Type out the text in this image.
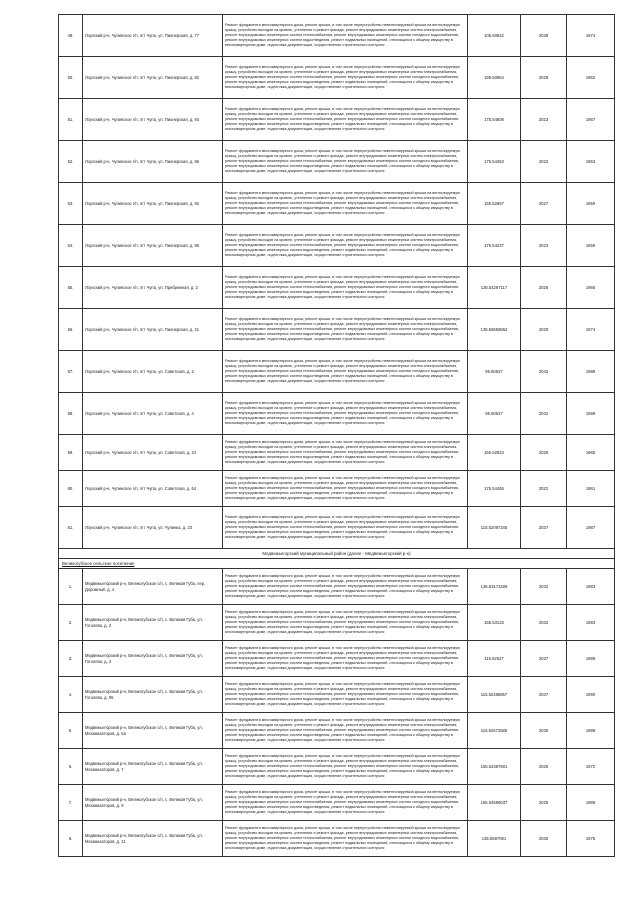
49.	Лоухский р-н, Чупинское г/п, пгт Чупа, ул. Пионерская, д. 77	Ремонт фундамента многоквартирного дома, ремонт крыши, в том числе переустройство невентилируемой крыши на вентилируемую крышу, устройство выходов на кровлю, утепление и ремонт фасада, ремонт внутридомовых инженерных систем электроснабжения, ремонт внутридомовых инженерных систем теплоснабжения, ремонт внутридомовых инженерных систем холодного водоснабжения, ремонт внутридомовых инженерных систем водоотведения, ремонт подвальных помещений, относящихся к общему имуществу в многоквартирном доме, подготовка документации, осуществление строительного контроля	105.60842	2038	1974
50.	Лоухский р-н, Чупинское г/п, пгт Чупа, ул. Пионерская, д. 82	Ремонт фундамента многоквартирного дома, ремонт крыши, в том числе переустройство невентилируемой крыши на вентилируемую крышу, устройство выходов на кровлю, утепление и ремонт фасада, ремонт внутридомовых инженерных систем электроснабжения, ремонт внутридомовых инженерных систем теплоснабжения, ремонт внутридомовых инженерных систем холодного водоснабжения, ремонт внутридомовых инженерных систем водоотведения, ремонт подвальных помещений, относящихся к общему имуществу в многоквартирном доме, подготовка документации, осуществление строительного контроля	195.50854	2028	1962
51.	Лоухский р-н, Чупинское г/п, пгт Чупа, ул. Пионерская, д. 84	Ремонт фундамента многоквартирного дома, ремонт крыши, в том числе переустройство невентилируемой крыши на вентилируемую крышу, устройство выходов на кровлю, утепление и ремонт фасада, ремонт внутридомовых инженерных систем электроснабжения, ремонт внутридомовых инженерных систем теплоснабжения, ремонт внутридомовых инженерных систем холодного водоснабжения, ремонт внутридомовых инженерных систем водоотведения, ремонт подвальных помещений, относящихся к общему имуществу в многоквартирном доме, подготовка документации, осуществление строительного контроля	175.54808	2023	1957
52.	Лоухский р-н, Чупинское г/п, пгт Чупа, ул. Пионерская, д. 86	Ремонт фундамента многоквартирного дома, ремонт крыши, в том числе переустройство невентилируемой крыши на вентилируемую крышу, устройство выходов на кровлю, утепление и ремонт фасада, ремонт внутридомовых инженерных систем электроснабжения, ремонт внутридомовых инженерных систем теплоснабжения, ремонт внутридомовых инженерных систем холодного водоснабжения, ремонт внутридомовых инженерных систем водоотведения, ремонт подвальных помещений, относящихся к общему имуществу в многоквартирном доме, подготовка документации, осуществление строительного контроля	175.54453	2022	1963
53.	Лоухский р-н, Чупинское г/п, пгт Чупа, ул. Пионерская, д. 92	Ремонт фундамента многоквартирного дома, ремонт крыши, в том числе переустройство невентилируемой крыши на вентилируемую крышу, устройство выходов на кровлю, утепление и ремонт фасада, ремонт внутридомовых инженерных систем электроснабжения, ремонт внутридомовых инженерных систем теплоснабжения, ремонт внутридомовых инженерных систем холодного водоснабжения, ремонт внутридомовых инженерных систем водоотведения, ремонт подвальных помещений, относящихся к общему имуществу в многоквартирном доме, подготовка документации, осуществление строительного контроля	155.52657	2027	1959
54.	Лоухский р-н, Чупинское г/п, пгт Чупа, ул. Пионерская, д. 96	Ремонт фундамента многоквартирного дома, ремонт крыши, в том числе переустройство невентилируемой крыши на вентилируемую крышу, устройство выходов на кровлю, утепление и ремонт фасада, ремонт внутридомовых инженерных систем электроснабжения, ремонт внутридомовых инженерных систем теплоснабжения, ремонт внутридомовых инженерных систем холодного водоснабжения, ремонт внутридомовых инженерных систем водоотведения, ремонт подвальных помещений, относящихся к общему имуществу в многоквартирном доме, подготовка документации, осуществление строительного контроля	175.54237	2023	1959
55.	Лоухский р-н, Чупинское г/п, пгт Чупа, ул. Прибрежная, д. 2	Ремонт фундамента многоквартирного дома, ремонт крыши, в том числе переустройство невентилируемой крыши на вентилируемую крышу, устройство выходов на кровлю, утепление и ремонт фасада, ремонт внутридомовых инженерных систем электроснабжения, ремонт внутридомовых инженерных систем теплоснабжения, ремонт внутридомовых инженерных систем холодного водоснабжения, ремонт внутридомовых инженерных систем водоотведения, ремонт подвальных помещений, относящихся к общему имуществу в многоквартирном доме, подготовка документации, осуществление строительного контроля	135.54267117	2028	1966
56.	Лоухский р-н, Чупинское г/п, пгт Чупа, ул. Пионерская, д. 21	Ремонт фундамента многоквартирного дома, ремонт крыши, в том числе переустройство невентилируемой крыши на вентилируемую крышу, устройство выходов на кровлю, утепление и ремонт фасада, ремонт внутридомовых инженерных систем электроснабжения, ремонт внутридомовых инженерных систем теплоснабжения, ремонт внутридомовых инженерных систем холодного водоснабжения, ремонт внутридомовых инженерных систем водоотведения, ремонт подвальных помещений, относящихся к общему имуществу в многоквартирном доме, подготовка документации, осуществление строительного контроля	135.55658652	2029	1974
57.	Лоухский р-н, Чупинское г/п, пгт Чупа, ул. Советская, д. 2	Ремонт фундамента многоквартирного дома, ремонт крыши, в том числе переустройство невентилируемой крыши на вентилируемую крышу, устройство выходов на кровлю, утепление и ремонт фасада, ремонт внутридомовых инженерных систем электроснабжения, ремонт внутридомовых инженерных систем теплоснабжения, ремонт внутридомовых инженерных систем холодного водоснабжения, ремонт внутридомовых инженерных систем водоотведения, ремонт подвальных помещений, относящихся к общему имуществу в многоквартирном доме, подготовка документации, осуществление строительного контроля	95.50527	2042	1989
58.	Лоухский р-н, Чупинское г/п, пгт Чупа, ул. Советская, д. 4	Ремонт фундамента многоквартирного дома, ремонт крыши, в том числе переустройство невентилируемой крыши на вентилируемую крышу, устройство выходов на кровлю, утепление и ремонт фасада, ремонт внутридомовых инженерных систем электроснабжения, ремонт внутридомовых инженерных систем теплоснабжения, ремонт внутридомовых инженерных систем холодного водоснабжения, ремонт внутридомовых инженерных систем водоотведения, ремонт подвальных помещений, относящихся к общему имуществу в многоквартирном доме, подготовка документации, осуществление строительного контроля	95.50527	2042	1989
59.	Лоухский р-н, Чупинское г/п, пгт Чупа, ул. Советская, д. 24	Ремонт фундамента многоквартирного дома, ремонт крыши, в том числе переустройство невентилируемой крыши на вентилируемую крышу, устройство выходов на кровлю, утепление и ремонт фасада, ремонт внутридомовых инженерных систем электроснабжения, ремонт внутридомовых инженерных систем теплоснабжения, ремонт внутридомовых инженерных систем холодного водоснабжения, ремонт внутридомовых инженерных систем водоотведения, ремонт подвальных помещений, относящихся к общему имуществу в многоквартирном доме, подготовка документации, осуществление строительного контроля	155.52823	2026	1965
60.	Лоухский р-н, Чупинское г/п, пгт Чупа, ул. Советская, д. 64	Ремонт фундамента многоквартирного дома, ремонт крыши, в том числе переустройство невентилируемой крыши на вентилируемую крышу, устройство выходов на кровлю, утепление и ремонт фасада, ремонт внутридомовых инженерных систем электроснабжения, ремонт внутридомовых инженерных систем теплоснабжения, ремонт внутридомовых инженерных систем холодного водоснабжения, ремонт внутридомовых инженерных систем водоотведения, ремонт подвальных помещений, относящихся к общему имуществу в многоквартирном доме, подготовка документации, осуществление строительного контроля	175.54465	2022	1961
61.	Лоухский р-н, Чупинское г/п, пгт Чупа, ул. Чупинка, д. 23	Ремонт фундамента многоквартирного дома, ремонт крыши, в том числе переустройство невентилируемой крыши на вентилируемую крышу, устройство выходов на кровлю, утепление и ремонт фасада, ремонт внутридомовых инженерных систем электроснабжения, ремонт внутридомовых инженерных систем теплоснабжения, ремонт внутридомовых инженерных систем холодного водоснабжения, ремонт внутридомовых инженерных систем водоотведения, ремонт подвальных помещений, относящихся к общему имуществу в многоквартирном доме, подготовка документации, осуществление строительного контроля	115.52097345	2037	1987
Медвежьегорский муниципальный район (далее - Медвежьегорский р-н)					
Великогубское сельское поселение					
1.	Медвежьегорский р-н, Великогубское с/п, с. Великая Губа, пер. Дорожный, д. 4	Ремонт фундамента многоквартирного дома, ремонт крыши, в том числе переустройство невентилируемой крыши на вентилируемую крышу, устройство выходов на кровлю, утепление и ремонт фасада, ремонт внутридомовых инженерных систем электроснабжения, ремонт внутридомовых инженерных систем теплоснабжения, ремонт внутридомовых инженерных систем холодного водоснабжения, ремонт внутридомовых инженерных систем водоотведения, ремонт подвальных помещений, относящихся к общему имуществу в многоквартирном доме, подготовка документации, осуществление строительного контроля	135.53172409	2032	1983
2.	Медвежьегорский р-н, Великогубское с/п, с. Великая Губа, ул. Гоголева, д. 2	Ремонт фундамента многоквартирного дома, ремонт крыши, в том числе переустройство невентилируемой крыши на вентилируемую крышу, устройство выходов на кровлю, утепление и ремонт фасада, ремонт внутридомовых инженерных систем электроснабжения, ремонт внутридомовых инженерных систем теплоснабжения, ремонт внутридомовых инженерных систем холодного водоснабжения, ремонт внутридомовых инженерных систем водоотведения, ремонт подвальных помещений, относящихся к общему имуществу в многоквартирном доме, подготовка документации, осуществление строительного контроля	155.53133	2032	1983
3.	Медвежьегорский р-н, Великогубское с/п, с. Великая Губа, ул. Гоголева, д. 3	Ремонт фундамента многоквартирного дома, ремонт крыши, в том числе переустройство невентилируемой крыши на вентилируемую крышу, устройство выходов на кровлю, утепление и ремонт фасада, ремонт внутридомовых инженерных систем электроснабжения, ремонт внутридомовых инженерных систем теплоснабжения, ремонт внутридомовых инженерных систем холодного водоснабжения, ремонт внутридомовых инженерных систем водоотведения, ремонт подвальных помещений, относящихся к общему имуществу в многоквартирном доме, подготовка документации, осуществление строительного контроля	115.52527	2037	1989
4.	Медвежьегорский р-н, Великогубское с/п, с. Великая Губа, ул. Гоголева, д. 95	Ремонт фундамента многоквартирного дома, ремонт крыши, в том числе переустройство невентилируемой крыши на вентилируемую крышу, устройство выходов на кровлю, утепление и ремонт фасада, ремонт внутридомовых инженерных систем электроснабжения, ремонт внутридомовых инженерных систем теплоснабжения, ремонт внутридомовых инженерных систем холодного водоснабжения, ремонт внутридомовых инженерных систем водоотведения, ремонт подвальных помещений, относящихся к общему имуществу в многоквартирном доме, подготовка документации, осуществление строительного контроля	115.52485857	2037	1990
5.	Медвежьегорский р-н, Великогубское с/п, с. Великая Губа, ул. Механизаторов, д. 5а	Ремонт фундамента многоквартирного дома, ремонт крыши, в том числе переустройство невентилируемой крыши на вентилируемую крышу, устройство выходов на кровлю, утепление и ремонт фасада, ремонт внутридомовых инженерных систем электроснабжения, ремонт внутридомовых инженерных систем теплоснабжения, ремонт внутридомовых инженерных систем холодного водоснабжения, ремонт внутридомовых инженерных систем водоотведения, ремонт подвальных помещений, относящихся к общему имуществу в многоквартирном доме, подготовка документации, осуществление строительного контроля	115.52672685	2036	1988
6.	Медвежьегорский р-н, Великогубское с/п, с. Великая Губа, ул. Механизаторов, д. 7	Ремонт фундамента многоквартирного дома, ремонт крыши, в том числе переустройство невентилируемой крыши на вентилируемую крышу, устройство выходов на кровлю, утепление и ремонт фасада, ремонт внутридомовых инженерных систем электроснабжения, ремонт внутридомовых инженерных систем теплоснабжения, ремонт внутридомовых инженерных систем холодного водоснабжения, ремонт внутридомовых инженерных систем водоотведения, ремонт подвальных помещений, относящихся к общему имуществу в многоквартирном доме, подготовка документации, осуществление строительного контроля	155.54387601	2026	1972
7.	Медвежьегорский р-н, Великогубское с/п, с. Великая Губа, ул. Механизаторов, д. 9	Ремонт фундамента многоквартирного дома, ремонт крыши, в том числе переустройство невентилируемой крыши на вентилируемую крышу, устройство выходов на кровлю, утепление и ремонт фасада, ремонт внутридомовых инженерных систем электроснабжения, ремонт внутридомовых инженерных систем теплоснабжения, ремонт внутридомовых инженерных систем холодного водоснабжения, ремонт внутридомовых инженерных систем водоотведения, ремонт подвальных помещений, относящихся к общему имуществу в многоквартирном доме, подготовка документации, осуществление строительного контроля	155.54596037	2025	1968
8.	Медвежьегорский р-н, Великогубское с/п, с. Великая Губа, ул. Механизаторов, д. 11	Ремонт фундамента многоквартирного дома, ремонт крыши, в том числе переустройство невентилируемой крыши на вентилируемую крышу, устройство выходов на кровлю, утепление и ремонт фасада, ремонт внутридомовых инженерных систем электроснабжения, ремонт внутридомовых инженерных систем теплоснабжения, ремонт внутридомовых инженерных систем холодного водоснабжения, ремонт внутридомовых инженерных систем водоотведения, ремонт подвальных помещений, относящихся к общему имуществу в многоквартирном доме, подготовка документации, осуществление строительного контроля	135.5597091	2030	1975
